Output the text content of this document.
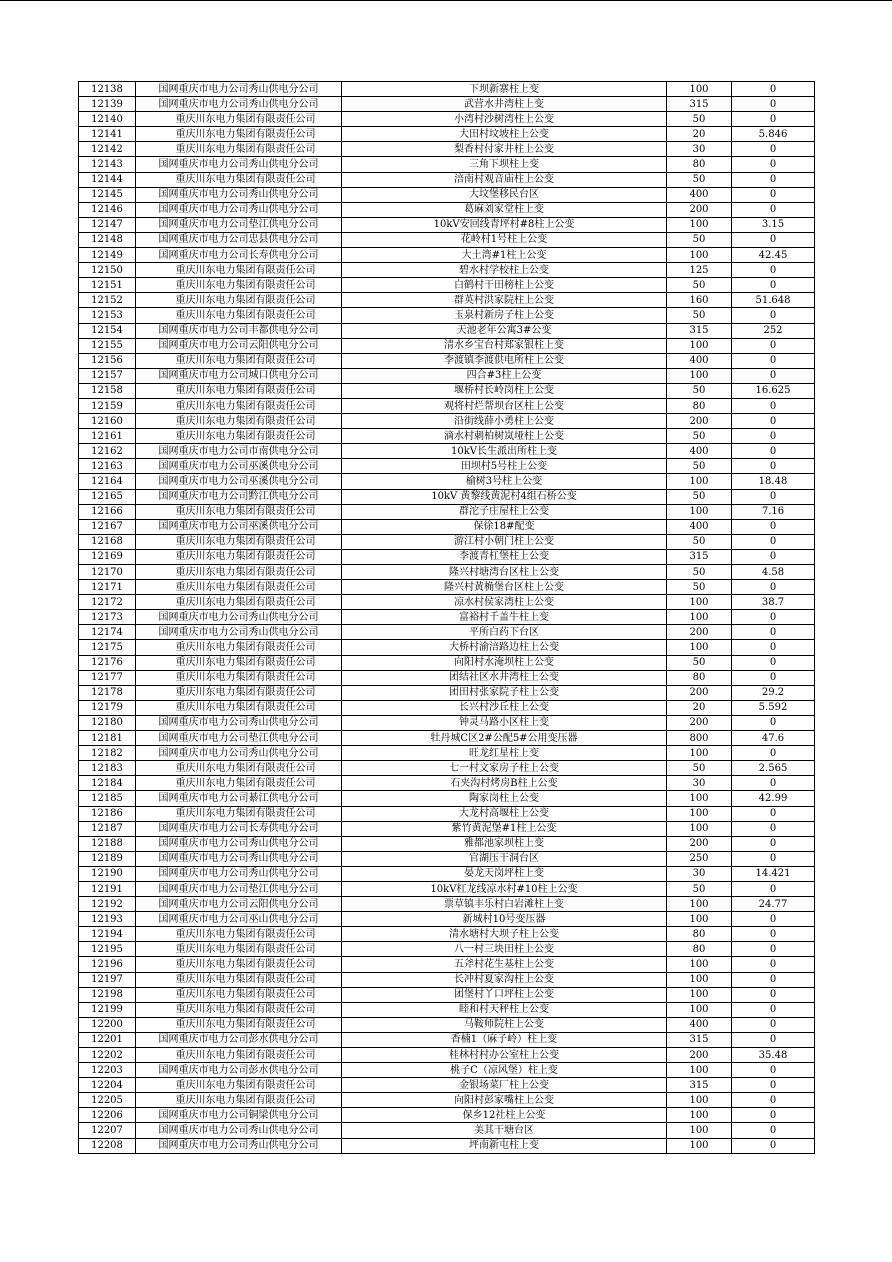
12138	国网重庆市电力公司秀山供电分公司	下坝新寨柱上变	100	0
12139	国网重庆市电力公司秀山供电分公司	武营水井湾柱上变	315	0
12140	重庆川东电力集团有限责任公司	小湾村沙树湾柱上公变	50	0
12141	重庆川东电力集团有限责任公司	大田村坟坡柱上公变	20	5.846
12142	重庆川东电力集团有限责任公司	梨香村付家井柱上公变	30	0
12143	国网重庆市电力公司秀山供电分公司	三角下坝柱上变	80	0
12144	重庆川东电力集团有限责任公司	涪南村观音庙柱上公变	50	0
12145	国网重庆市电力公司秀山供电分公司	大坟堡移民台区	400	0
12146	国网重庆市电力公司秀山供电分公司	葛麻刘家堂柱上变	200	0
12147	国网重庆市电力公司垫江供电分公司	10kV安回线青坪村#8柱上公变	100	3.15
12148	国网重庆市电力公司忠县供电分公司	花岭村1号柱上公变	50	0
12149	国网重庆市电力公司长寿供电分公司	大土湾#1柱上公变	100	42.45
12150	重庆川东电力集团有限责任公司	碧水村学校柱上公变	125	0
12151	重庆川东电力集团有限责任公司	白鹤村干田榜柱上公变	50	0
12152	重庆川东电力集团有限责任公司	群英村洪家院柱上公变	160	51.648
12153	重庆川东电力集团有限责任公司	玉泉村新房子柱上公变	50	0
12154	国网重庆市电力公司丰都供电分公司	天池老年公寓3#公变	315	252
12155	国网重庆市电力公司云阳供电分公司	清水乡宝台村郑家银柱上变	100	0
12156	重庆川东电力集团有限责任公司	李渡镇李渡供电所柱上公变	400	0
12157	国网重庆市电力公司城口供电分公司	四合#3柱上公变	100	0
12158	重庆川东电力集团有限责任公司	堰桥村长岭岗柱上公变	50	16.625
12159	重庆川东电力集团有限责任公司	观将村烂帮坝台区柱上公变	80	0
12160	重庆川东电力集团有限责任公司	沿街线薛小勇柱上公变	200	0
12161	重庆川东电力集团有限责任公司	滴水村刺柏树岚垭柱上公变	50	0
12162	国网重庆市电力公司市南供电分公司	10kV长生派出所柱上变	400	0
12163	国网重庆市电力公司巫溪供电分公司	田坝村5号柱上公变	50	0
12164	国网重庆市电力公司巫溪供电分公司	榆树3号柱上公变	100	18.48
12165	国网重庆市电力公司黔江供电分公司	10kV 黄黎线黄泥村4组石桥公变	50	0
12166	重庆川东电力集团有限责任公司	群沱子庄屋柱上公变	100	7.16
12167	国网重庆市电力公司巫溪供电分公司	保徐18#配变	400	0
12168	重庆川东电力集团有限责任公司	游江村小朝门柱上公变	50	0
12169	重庆川东电力集团有限责任公司	李渡青杠堡柱上公变	315	0
12170	重庆川东电力集团有限责任公司	隆兴村塘湾台区柱上公变	50	4.58
12171	重庆川东电力集团有限责任公司	隆兴村黄桷堡台区柱上公变	50	0
12172	重庆川东电力集团有限责任公司	凉水村侯家湾柱上公变	100	38.7
12173	国网重庆市电力公司秀山供电分公司	富裕村千盖牛柱上变	100	0
12174	国网重庆市电力公司秀山供电分公司	平所白药下台区	200	0
12175	重庆川东电力集团有限责任公司	大桥村渝涪路边柱上公变	100	0
12176	重庆川东电力集团有限责任公司	向阳村水淹坝柱上公变	50	0
12177	重庆川东电力集团有限责任公司	团结社区水井湾柱上公变	80	0
12178	重庆川东电力集团有限责任公司	团田村张家院子柱上公变	200	29.2
12179	重庆川东电力集团有限责任公司	长兴村沙丘柱上公变	20	5.592
12180	国网重庆市电力公司秀山供电分公司	钟灵马路小区柱上变	200	0
12181	国网重庆市电力公司垫江供电分公司	牡丹城C区2#公配5#公用变压器	800	47.6
12182	国网重庆市电力公司秀山供电分公司	旺龙红星柱上变	100	0
12183	重庆川东电力集团有限责任公司	七一村文家房子柱上公变	50	2.565
12184	重庆川东电力集团有限责任公司	石夹沟村烤房B柱上公变	30	0
12185	国网重庆市电力公司綦江供电分公司	陶家岗柱上公变	100	42.99
12186	重庆川东电力集团有限责任公司	大龙村高堰柱上公变	100	0
12187	国网重庆市电力公司长寿供电分公司	紫竹黄泥堡#1柱上公变	100	0
12188	国网重庆市电力公司秀山供电分公司	雅都池家坝柱上变	200	0
12189	国网重庆市电力公司秀山供电分公司	官湖压干洞台区	250	0
12190	国网重庆市电力公司秀山供电分公司	晏龙天岗坪柱上变	30	14.421
12191	国网重庆市电力公司垫江供电分公司	10kV杠龙线凉水村#10柱上公变	50	0
12192	国网重庆市电力公司云阳供电分公司	票草镇丰乐村白岩滩柱上变	100	24.77
12193	国网重庆市电力公司巫山供电分公司	新城村10号变压器	100	0
12194	重庆川东电力集团有限责任公司	清水塘村大坝子柱上公变	80	0
12195	重庆川东电力集团有限责任公司	八一村三块田柱上公变	80	0
12196	重庆川东电力集团有限责任公司	五斧村花生基柱上公变	100	0
12197	重庆川东电力集团有限责任公司	长冲村夏家沟柱上公变	100	0
12198	重庆川东电力集团有限责任公司	团堡村丫口坪柱上公变	100	0
12199	重庆川东电力集团有限责任公司	睦和村天秤柱上公变	100	0
12200	重庆川东电力集团有限责任公司	马鞍师院柱上公变	400	0
12201	国网重庆市电力公司彭水供电分公司	香楠1（麻子岭）柱上变	315	0
12202	重庆川东电力集团有限责任公司	桂林村村办公室柱上公变	200	35.48
12203	国网重庆市电力公司彭水供电分公司	桃子C（凉风堡）柱上变	100	0
12204	重庆川东电力集团有限责任公司	金银场菜厂柱上公变	315	0
12205	重庆川东电力集团有限责任公司	向阳村彭家嘴柱上公变	100	0
12206	国网重庆市电力公司铜梁供电分公司	保乡12社柱上公变	100	0
12207	国网重庆市电力公司秀山供电分公司	美其干塘台区	100	0
12208	国网重庆市电力公司秀山供电分公司	坪南新屯柱上变	100	0
